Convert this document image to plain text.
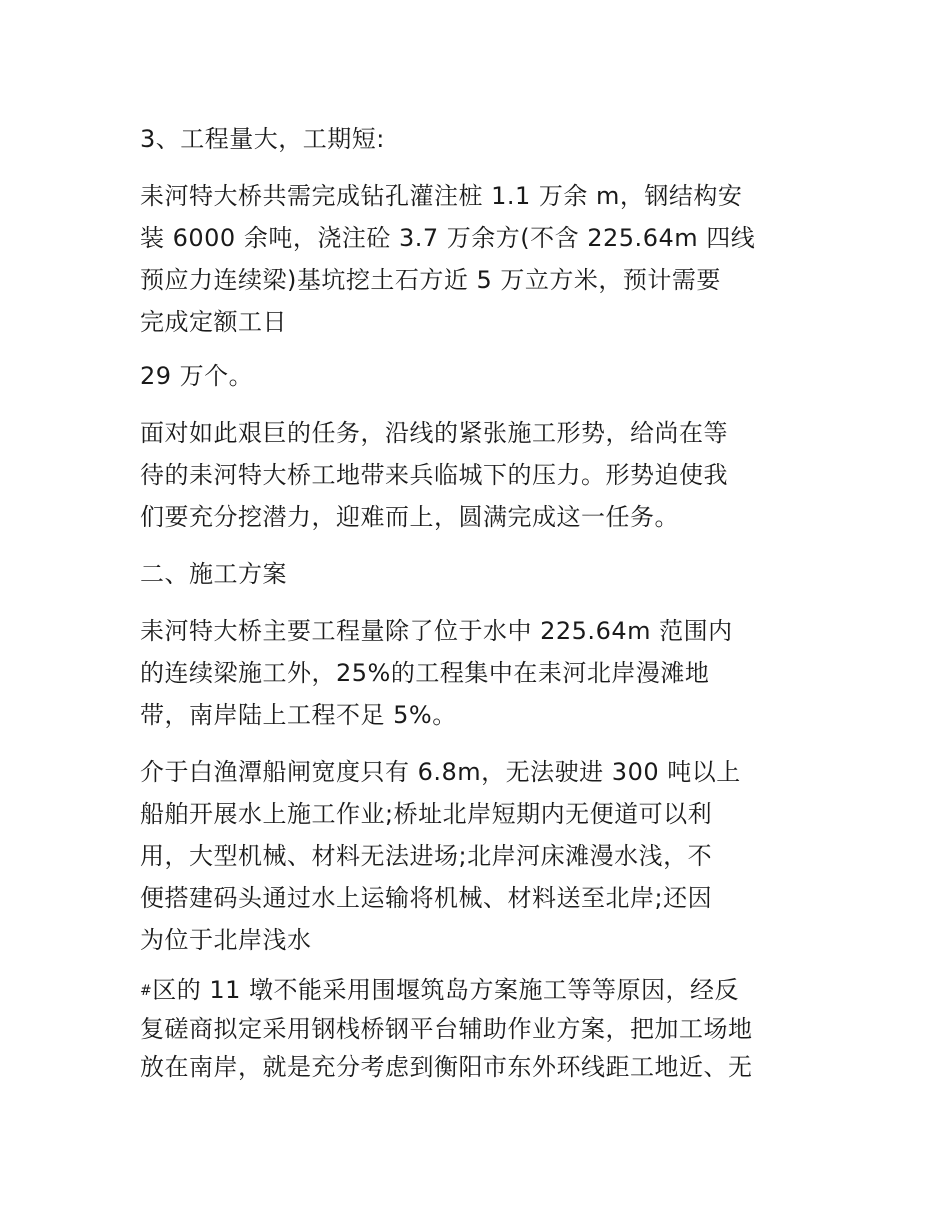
3、工程量大，工期短:

耒河特大桥共需完成钻孔灌注桩 1.1 万余 m，钢结构安
装 6000 余吨，浇注砼 3.7 万余方(不含 225.64m 四线
预应力连续梁)基坑挖土石方近 5 万立方米，预计需要
完成定额工日

29 万个。

面对如此艰巨的任务，沿线的紧张施工形势，给尚在等
待的耒河特大桥工地带来兵临城下的压力。形势迫使我
们要充分挖潜力，迎难而上，圆满完成这一任务。

二、施工方案

耒河特大桥主要工程量除了位于水中 225.64m 范围内
的连续梁施工外，25%的工程集中在耒河北岸漫滩地
带，南岸陆上工程不足 5%。

介于白渔潭船闸宽度只有 6.8m，无法驶进 300 吨以上
船舶开展水上施工作业;桥址北岸短期内无便道可以利
用，大型机械、材料无法进场;北岸河床滩漫水浅，不
便搭建码头通过水上运输将机械、材料送至北岸;还因
为位于北岸浅水

#区的 11 墩不能采用围堰筑岛方案施工等等原因，经反
复磋商拟定采用钢栈桥钢平台辅助作业方案，把加工场地
放在南岸，就是充分考虑到衡阳市东外环线距工地近、无
